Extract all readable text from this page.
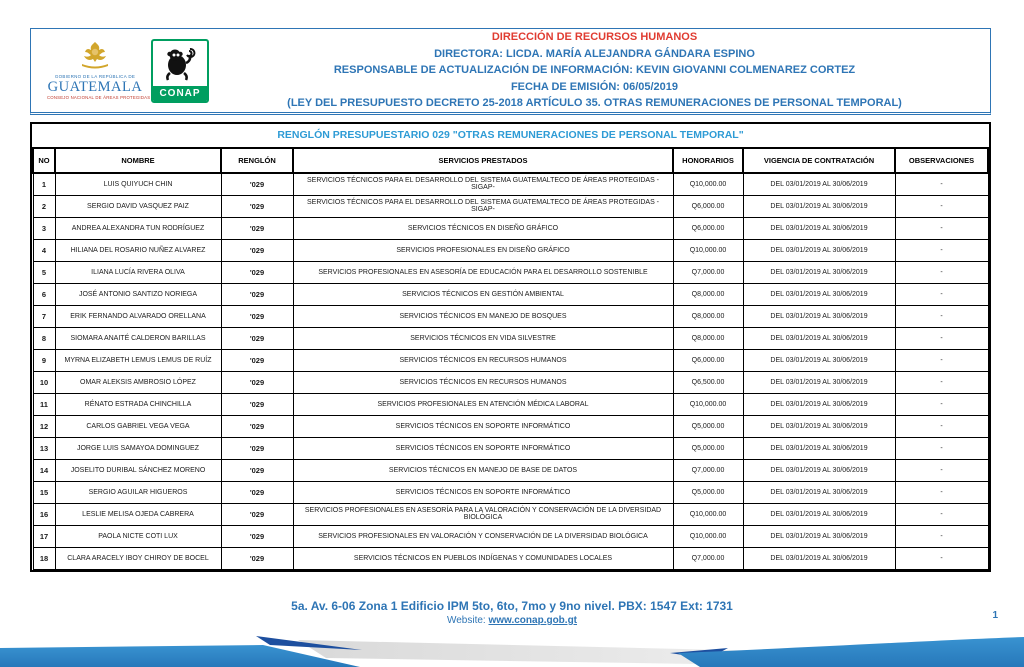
GOBIERNO DE LA REPÚBLICA DE
GUATEMALA
CONSEJO NACIONAL DE ÁREAS PROTEGIDAS CONAP
DIRECCIÓN DE RECURSOS HUMANOS
DIRECTORA: LICDA. MARÍA ALEJANDRA GÁNDARA ESPINO
RESPONSABLE DE ACTUALIZACIÓN DE INFORMACIÓN: KEVIN GIOVANNI COLMENAREZ CORTEZ
FECHA DE EMISIÓN: 06/05/2019
(LEY DEL PRESUPUESTO DECRETO 25-2018 ARTÍCULO 35. OTRAS REMUNERACIONES DE PERSONAL TEMPORAL)
RENGLÓN PRESUPUESTARIO 029 "OTRAS REMUNERACIONES DE PERSONAL TEMPORAL"
NO	NOMBRE	RENGLÓN	SERVICIOS PRESTADOS	HONORARIOS	VIGENCIA DE CONTRATACIÓN	OBSERVACIONES
1	LUIS QUIYUCH CHIN	'029	SERVICIOS TÉCNICOS PARA EL DESARROLLO DEL SISTEMA GUATEMALTECO DE ÁREAS PROTEGIDAS -SIGAP-	Q10,000.00	DEL 03/01/2019 AL 30/06/2019	-
2	SERGIO DAVID VASQUEZ PAIZ	'029	SERVICIOS TÉCNICOS PARA EL DESARROLLO DEL SISTEMA GUATEMALTECO DE ÁREAS PROTEGIDAS -SIGAP-	Q6,000.00	DEL 03/01/2019 AL 30/06/2019	-
3	ANDREA ALEXANDRA TUN RODRÍGUEZ	'029	SERVICIOS TÉCNICOS EN DISEÑO GRÁFICO	Q6,000.00	DEL 03/01/2019 AL 30/06/2019	-
4	HILIANA DEL ROSARIO NUÑEZ ALVAREZ	'029	SERVICIOS PROFESIONALES EN DISEÑO GRÁFICO	Q10,000.00	DEL 03/01/2019 AL 30/06/2019	-
5	ILIANA LUCÍA RIVERA OLIVA	'029	SERVICIOS PROFESIONALES EN ASESORÍA DE EDUCACIÓN PARA EL DESARROLLO SOSTENIBLE	Q7,000.00	DEL 03/01/2019 AL 30/06/2019	-
6	JOSÉ ANTONIO SANTIZO NORIEGA	'029	SERVICIOS TÉCNICOS EN GESTIÓN AMBIENTAL	Q8,000.00	DEL 03/01/2019 AL 30/06/2019	-
7	ERIK FERNANDO ALVARADO ORELLANA	'029	SERVICIOS TÉCNICOS EN MANEJO DE BOSQUES	Q8,000.00	DEL 03/01/2019 AL 30/06/2019	-
8	SIOMARA ANAITÉ CALDERON BARILLAS	'029	SERVICIOS TÉCNICOS EN VIDA SILVESTRE	Q8,000.00	DEL 03/01/2019 AL 30/06/2019	-
9	MYRNA ELIZABETH LEMUS LEMUS DE RUÍZ	'029	SERVICIOS TÉCNICOS EN RECURSOS HUMANOS	Q6,000.00	DEL 03/01/2019 AL 30/06/2019	-
10	OMAR ALEKSIS AMBROSIO LÓPEZ	'029	SERVICIOS TÉCNICOS EN RECURSOS HUMANOS	Q6,500.00	DEL 03/01/2019 AL 30/06/2019	-
11	RÉNATO ESTRADA CHINCHILLA	'029	SERVICIOS PROFESIONALES EN ATENCIÓN MÉDICA LABORAL	Q10,000.00	DEL 03/01/2019 AL 30/06/2019	-
12	CARLOS GABRIEL VEGA VEGA	'029	SERVICIOS TÉCNICOS EN SOPORTE INFORMÁTICO	Q5,000.00	DEL 03/01/2019 AL 30/06/2019	-
13	JORGE LUIS SAMAYOA DOMINGUEZ	'029	SERVICIOS TÉCNICOS EN SOPORTE INFORMÁTICO	Q5,000.00	DEL 03/01/2019 AL 30/06/2019	-
14	JOSELITO DURIBAL SÁNCHEZ MORENO	'029	SERVICIOS TÉCNICOS EN MANEJO DE BASE DE DATOS	Q7,000.00	DEL 03/01/2019 AL 30/06/2019	-
15	SERGIO AGUILAR HIGUEROS	'029	SERVICIOS TÉCNICOS EN SOPORTE INFORMÁTICO	Q5,000.00	DEL 03/01/2019 AL 30/06/2019	-
16	LESLIE MELISA OJEDA CABRERA	'029	SERVICIOS PROFESIONALES EN ASESORÍA PARA LA VALORACIÓN Y CONSERVACIÓN DE LA DIVERSIDAD BIOLÓGICA	Q10,000.00	DEL 03/01/2019 AL 30/06/2019	-
17	PAOLA NICTE COTI LUX	'029	SERVICIOS PROFESIONALES EN VALORACIÓN Y CONSERVACIÓN DE LA DIVERSIDAD BIOLÓGICA	Q10,000.00	DEL 03/01/2019 AL 30/06/2019	-
18	CLARA ARACELY IBOY CHIROY DE BOCEL	'029	SERVICIOS TÉCNICOS EN PUEBLOS INDÍGENAS Y COMUNIDADES LOCALES	Q7,000.00	DEL 03/01/2019 AL 30/06/2019	-
5a. Av. 6-06 Zona 1 Edificio IPM 5to, 6to, 7mo y 9no nivel. PBX: 1547 Ext: 1731
Website: www.conap.gob.gt	1
